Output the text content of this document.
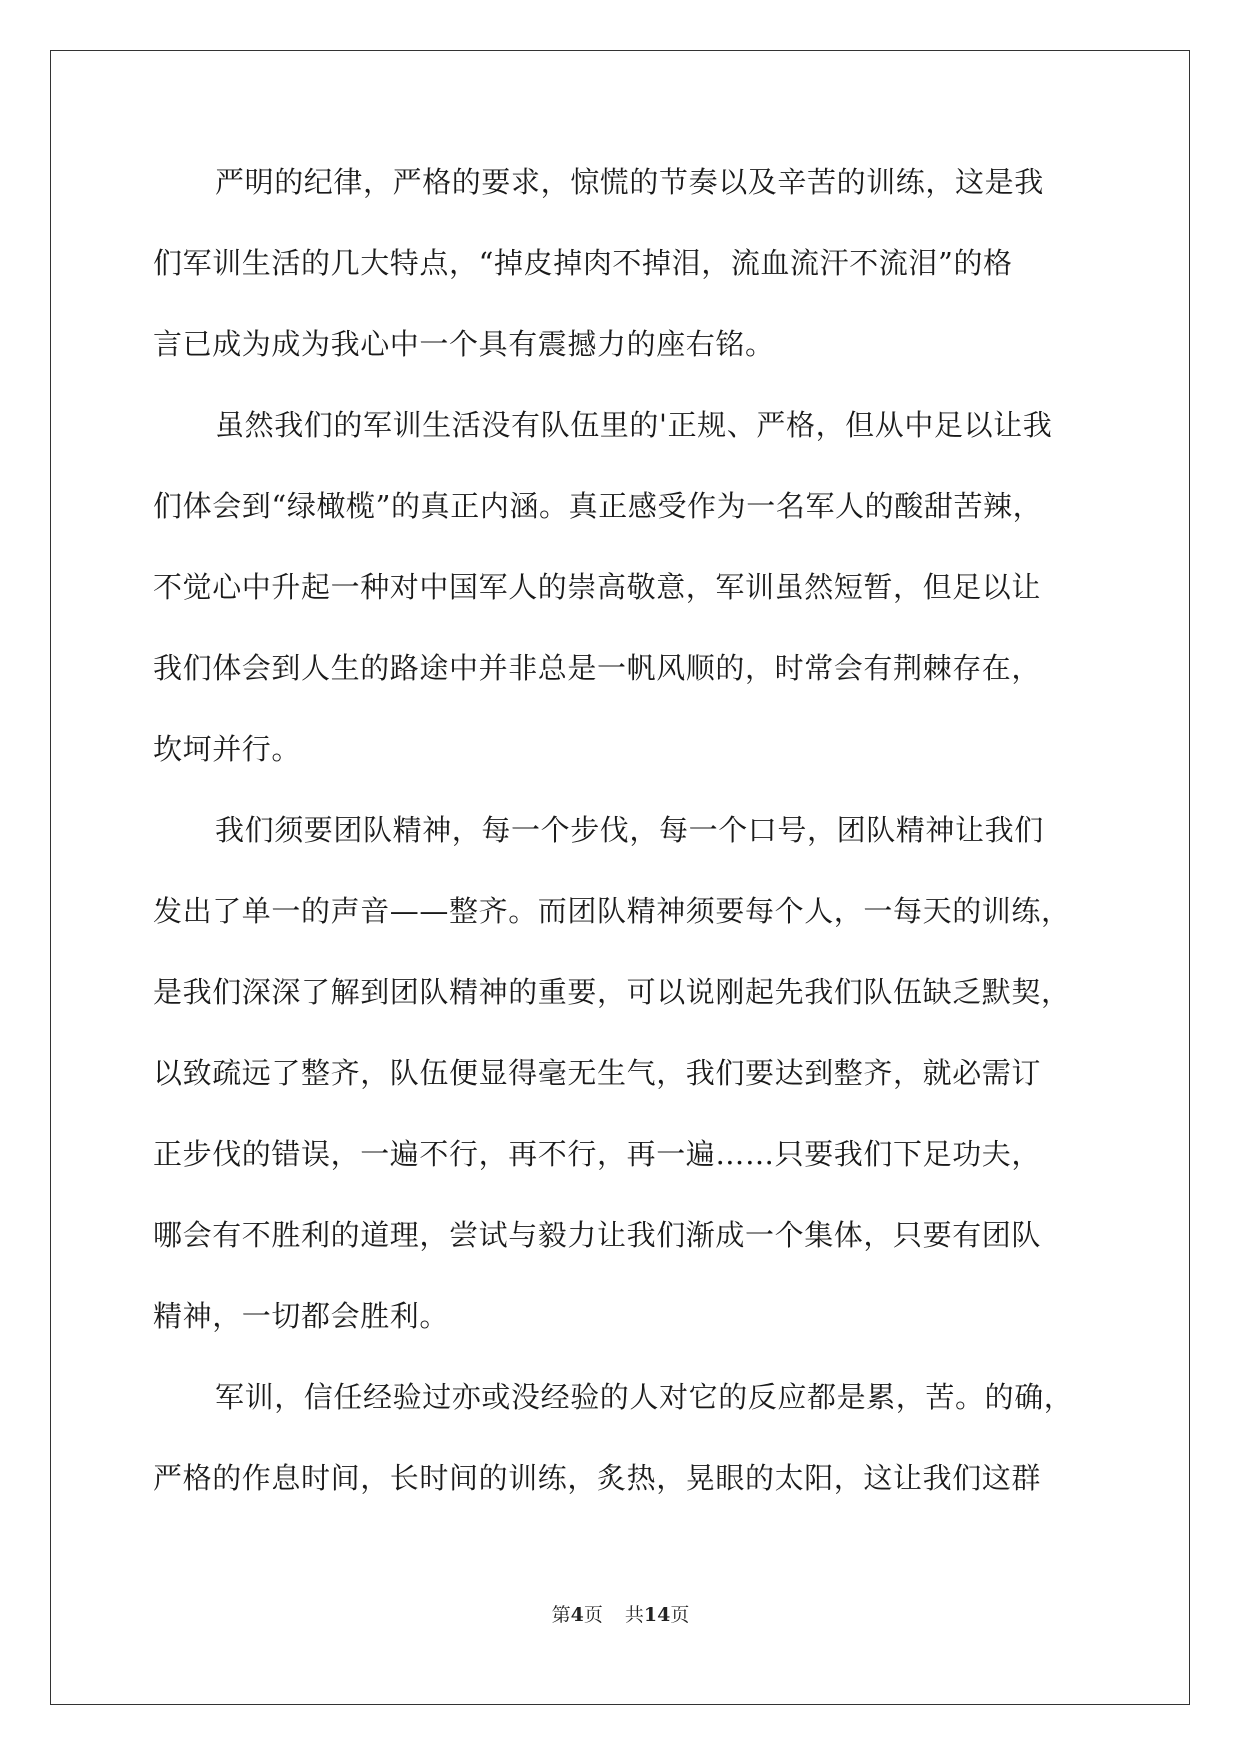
严明的纪律，严格的要求，惊慌的节奏以及辛苦的训练，这是我
们军训生活的几大特点，“掉皮掉肉不掉泪，流血流汗不流泪”的格
言已成为成为我心中一个具有震撼力的座右铭。
虽然我们的军训生活没有队伍里的'正规、严格，但从中足以让我
们体会到“绿橄榄”的真正内涵。真正感受作为一名军人的酸甜苦辣，
不觉心中升起一种对中国军人的崇高敬意，军训虽然短暂，但足以让
我们体会到人生的路途中并非总是一帆风顺的，时常会有荆棘存在，
坎坷并行。
我们须要团队精神，每一个步伐，每一个口号，团队精神让我们
发出了单一的声音——整齐。而团队精神须要每个人，一每天的训练，
是我们深深了解到团队精神的重要，可以说刚起先我们队伍缺乏默契，
以致疏远了整齐，队伍便显得毫无生气，我们要达到整齐，就必需订
正步伐的错误，一遍不行，再不行，再一遍……只要我们下足功夫，
哪会有不胜利的道理，尝试与毅力让我们渐成一个集体，只要有团队
精神，一切都会胜利。
军训，信任经验过亦或没经验的人对它的反应都是累，苦。的确，
严格的作息时间，长时间的训练，炙热，晃眼的太阳，这让我们这群
第4页 共14页
